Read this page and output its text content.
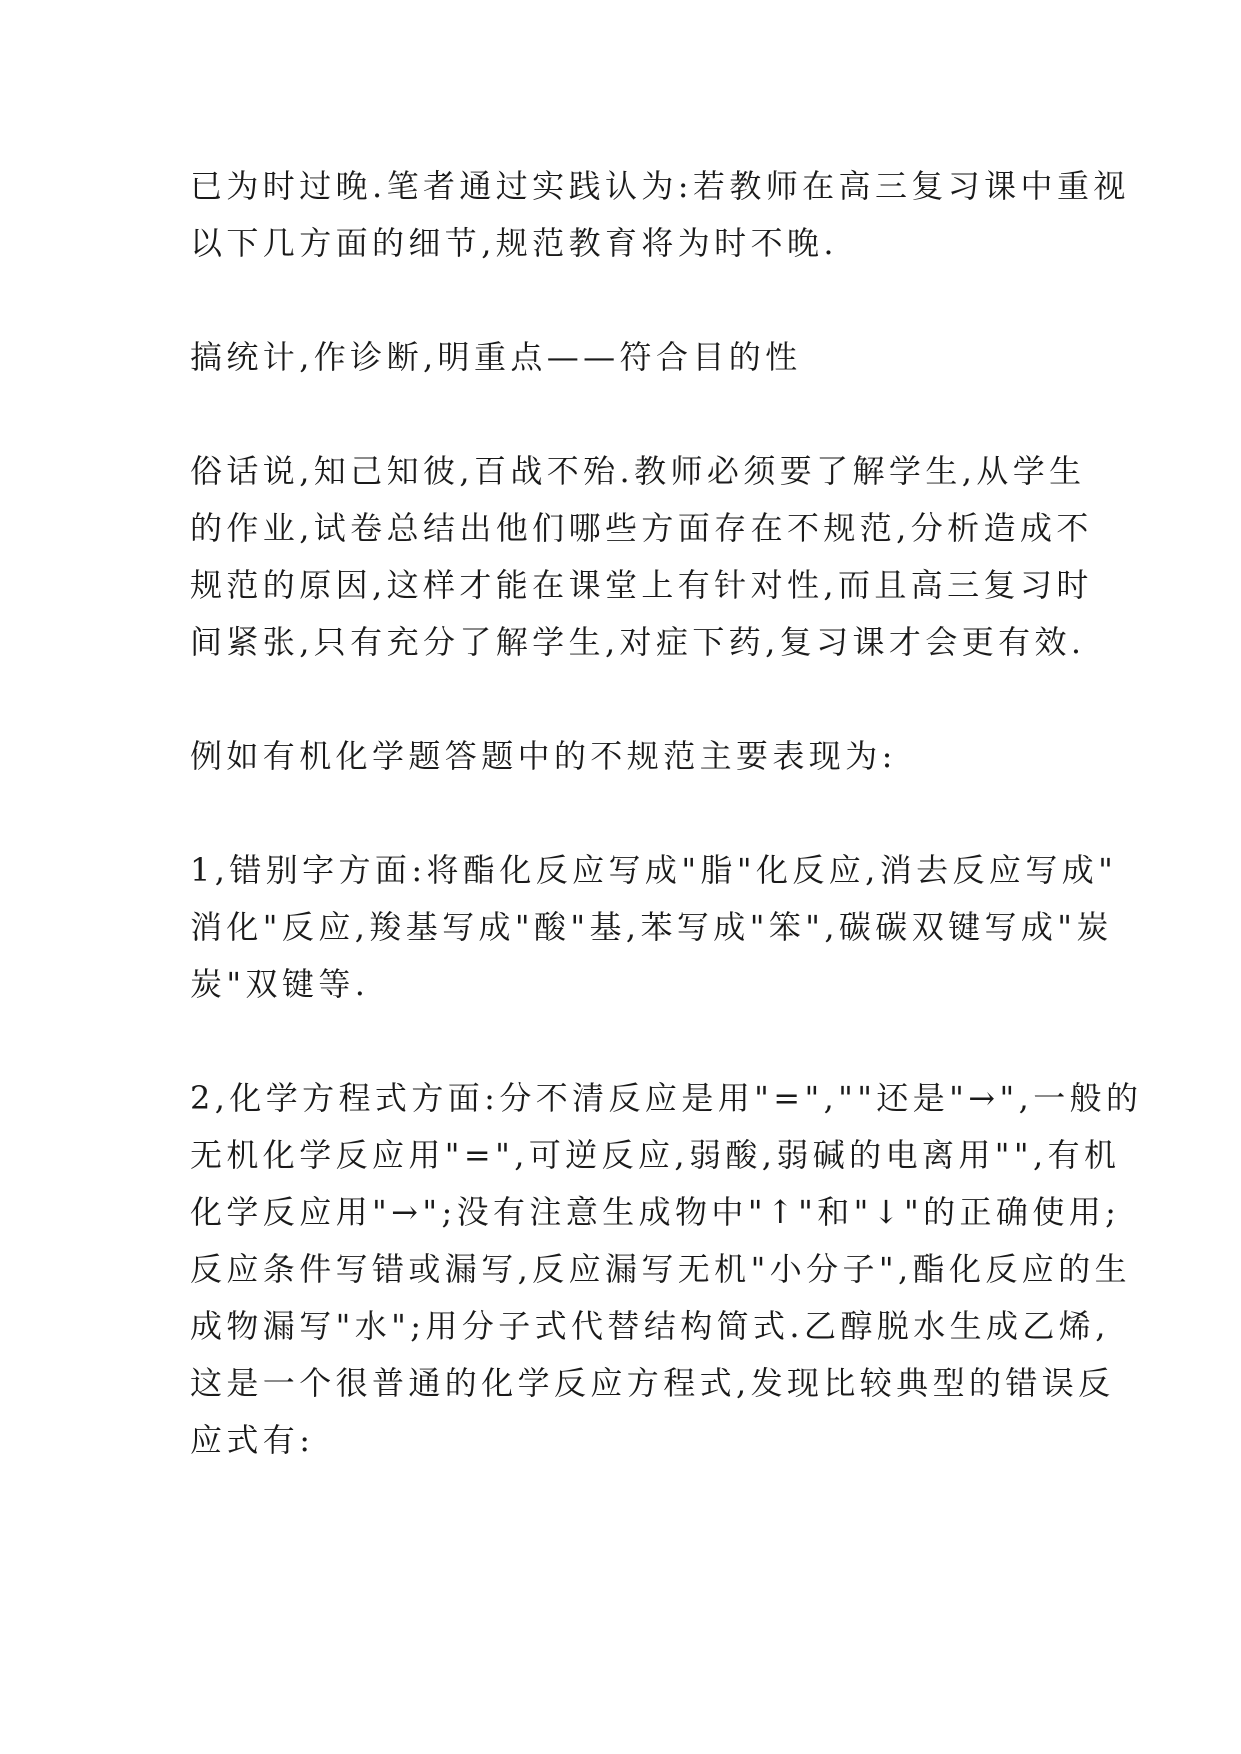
已为时过晚.笔者通过实践认为:若教师在高三复习课中重视
以下几方面的细节,规范教育将为时不晚.

搞统计,作诊断,明重点——符合目的性

俗话说,知己知彼,百战不殆.教师必须要了解学生,从学生
的作业,试卷总结出他们哪些方面存在不规范,分析造成不
规范的原因,这样才能在课堂上有针对性,而且高三复习时
间紧张,只有充分了解学生,对症下药,复习课才会更有效.

例如有机化学题答题中的不规范主要表现为:

1,错别字方面:将酯化反应写成"脂"化反应,消去反应写成"
消化"反应,羧基写成"酸"基,苯写成"笨",碳碳双键写成"炭
炭"双键等.

2,化学方程式方面:分不清反应是用"=",""还是"→",一般的
无机化学反应用"=",可逆反应,弱酸,弱碱的电离用"",有机
化学反应用"→";没有注意生成物中"↑"和"↓"的正确使用;
反应条件写错或漏写,反应漏写无机"小分子",酯化反应的生
成物漏写"水";用分子式代替结构简式.乙醇脱水生成乙烯,
这是一个很普通的化学反应方程式,发现比较典型的错误反
应式有:
